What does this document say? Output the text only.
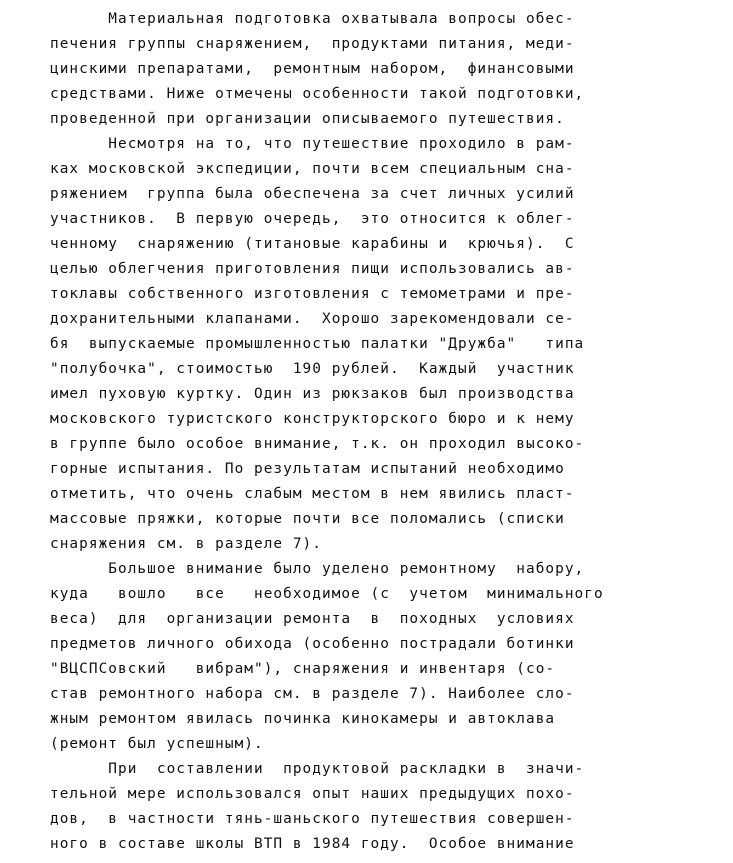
Материальная подготовка охватывала вопросы обес-
печения группы снаряжением,  продуктами питания, меди-
цинскими препаратами,  ремонтным набором,  финансовыми
средствами. Ниже отмечены особенности такой подготовки,
проведенной при организации описываемого путешествия.
Несмотря на то, что путешествие проходило в рам-
ках московской экспедиции, почти всем специальным сна-
ряжением  группа была обеспечена за счет личных усилий
участников.  В первую очередь,  это относится к облег-
ченному  снаряжению (титановые карабины и  крючья).  С
целью облегчения приготовления пищи использовались ав-
токлавы собственного изготовления с темометрами и пре-
дохранительными клапанами.  Хорошо зарекомендовали се-
бя  выпускаемые промышленностью палатки "Дружба"   типа
"полубочка", стоимостью  190 рублей.  Каждый  участник
имел пуховую куртку. Один из рюкзаков был производства
московского туристского конструкторского бюро и к нему
в группе было особое внимание, т.к. он проходил высоко-
горные испытания. По результатам испытаний необходимо
отметить, что очень слабым местом в нем явились пласт-
массовые пряжки, которые почти все поломались (списки
снаряжения см. в разделе 7).
Большое внимание было уделено ремонтному  набору,
куда   вошло   все   необходимое (с  учетом  минимального
веса)  для  организации ремонта  в  походных  условиях
предметов личного обихода (особенно пострадали ботинки
"ВЦСПСовский   вибрам"), снаряжения и инвентаря (со-
став ремонтного набора см. в разделе 7). Наиболее сло-
жным ремонтом явилась починка кинокамеры и автоклава
(ремонт был успешным).
При  составлении  продуктовой раскладки в  значи-
тельной мере использовался опыт наших предыдущих похо-
дов,  в частности тянь-шаньского путешествия совершен-
ного в составе школы ВТП в 1984 году.  Особое внимание
